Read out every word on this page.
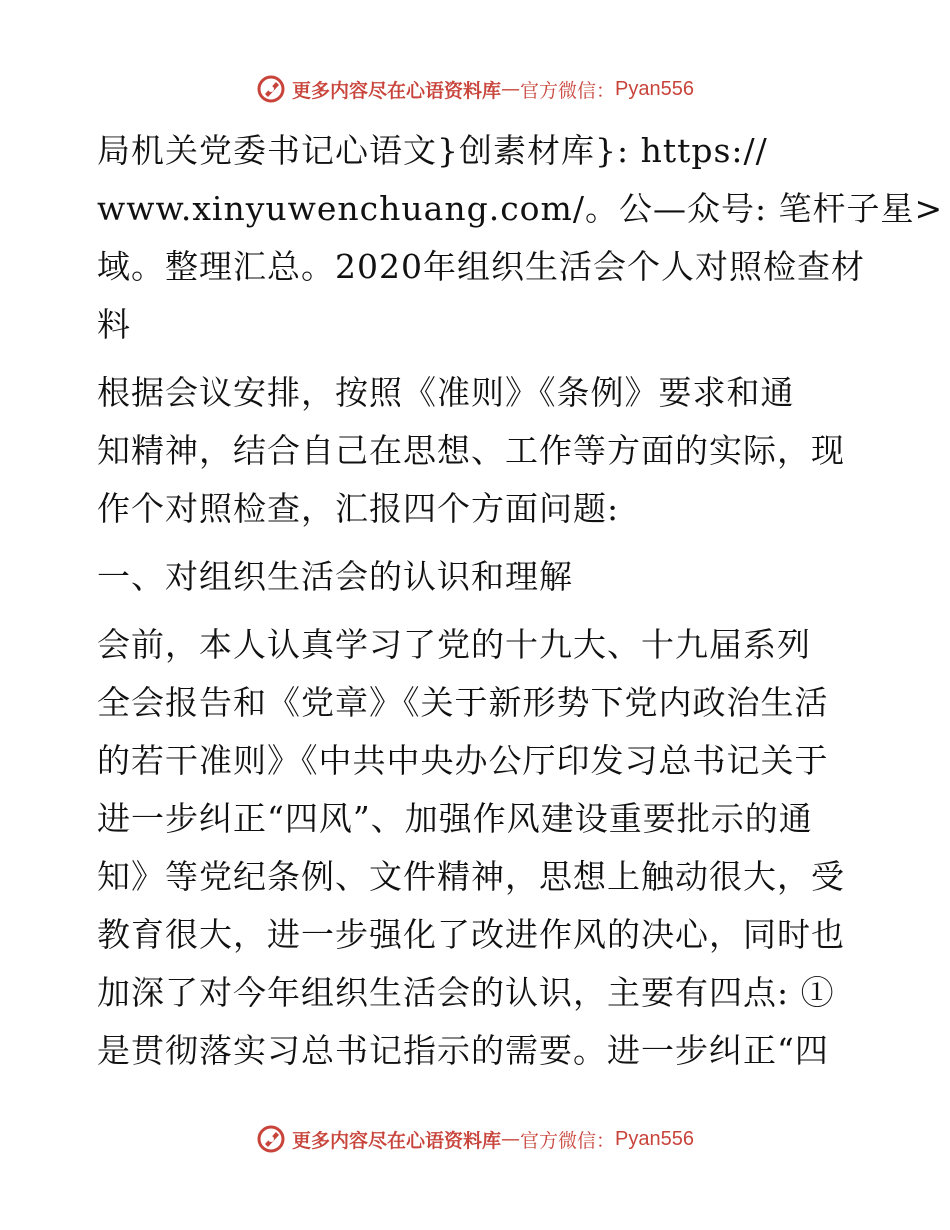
更多内容尽在心语资料库 — 官方微信： Pyan556

局机关党委书记心语文}创素材库}: https://
www.xinyuwenchuang.com/。公—众号: 笔杆子星>
域。整理汇总。2020年组织生活会个人对照检查材
料

根据会议安排，按照《准则》《条例》要求和通
知精神，结合自己在思想、工作等方面的实际，现
作个对照检查，汇报四个方面问题:

一、对组织生活会的认识和理解

会前，本人认真学习了党的十九大、十九届系列
全会报告和《党章》《关于新形势下党内政治生活
的若干准则》《中共中央办公厅印发习总书记关于
进一步纠正“四风”、加强作风建设重要批示的通
知》等党纪条例、文件精神，思想上触动很大，受
教育很大，进一步强化了改进作风的决心，同时也
加深了对今年组织生活会的认识，主要有四点: ①
是贯彻落实习总书记指示的需要。进一步纠正“四

更多内容尽在心语资料库 — 官方微信： Pyan556
